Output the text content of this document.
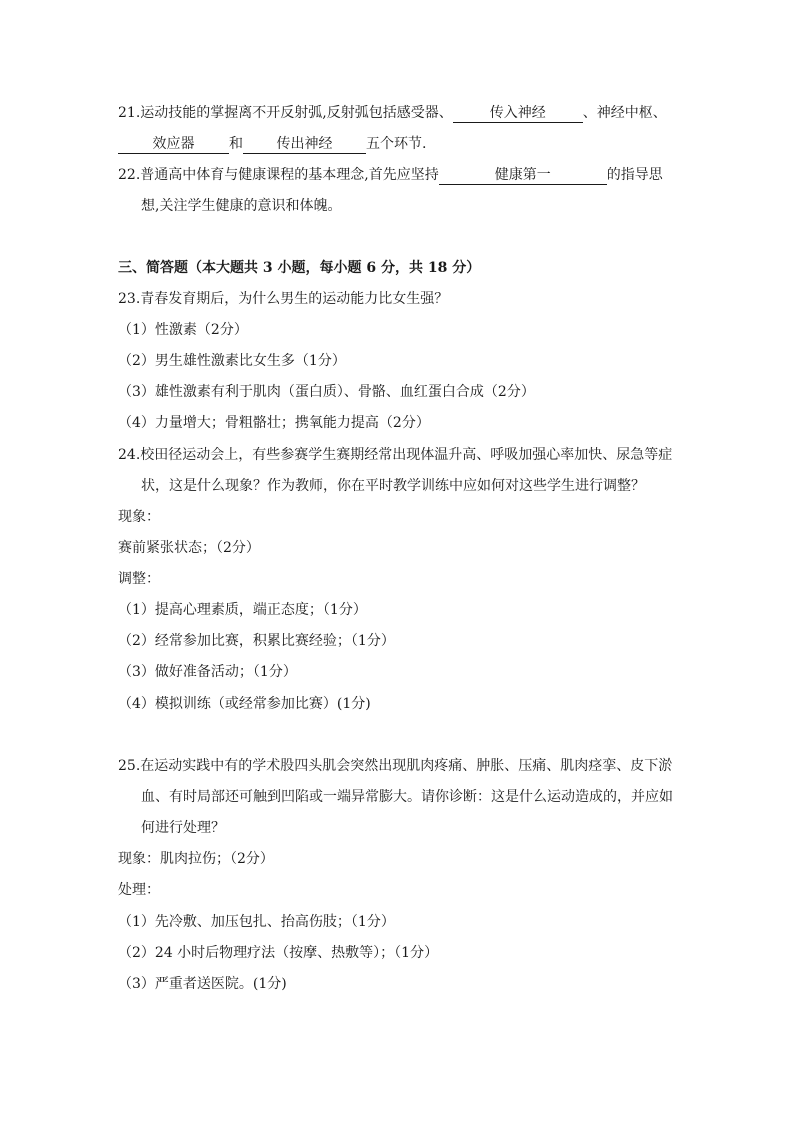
21.运动技能的掌握离不开反射弧,反射弧包括感受器、	传入神经	、神经中枢、
效应器 和 传出神经 五个环节.
22.普通高中体育与健康课程的基本理念,首先应坚持	健康第一	的指导思
想,关注学生健康的意识和体魄。
三、简答题（本大题共 3 小题，每小题 6 分，共 18 分）
23.青春发育期后，为什么男生的运动能力比女生强？
（1）性激素（2分）
（2）男生雄性激素比女生多（1分）
（3）雄性激素有利于肌肉（蛋白质）、骨骼、血红蛋白合成（2分）
（4）力量增大；骨粗骼壮；携氧能力提高（2分）
24.校田径运动会上，有些参赛学生赛期经常出现体温升高、呼吸加强心率加快、尿急等症
状，这是什么现象？作为教师，你在平时教学训练中应如何对这些学生进行调整？
现象：
赛前紧张状态；（2分）
调整：
（1）提高心理素质，端正态度；（1分）
（2）经常参加比赛，积累比赛经验；（1分）
（3）做好准备活动；（1分）
（4）模拟训练（或经常参加比赛）(1分)
25.在运动实践中有的学术股四头肌会突然出现肌肉疼痛、肿胀、压痛、肌肉痉挛、皮下淤
血、有时局部还可触到凹陷或一端异常膨大。请你诊断：这是什么运动造成的，并应如
何进行处理？
现象：肌肉拉伤；（2分）
处理：
（1）先冷敷、加压包扎、抬高伤肢；（1分）
（2）24 小时后物理疗法（按摩、热敷等）；（1分）
（3）严重者送医院。(1分)
